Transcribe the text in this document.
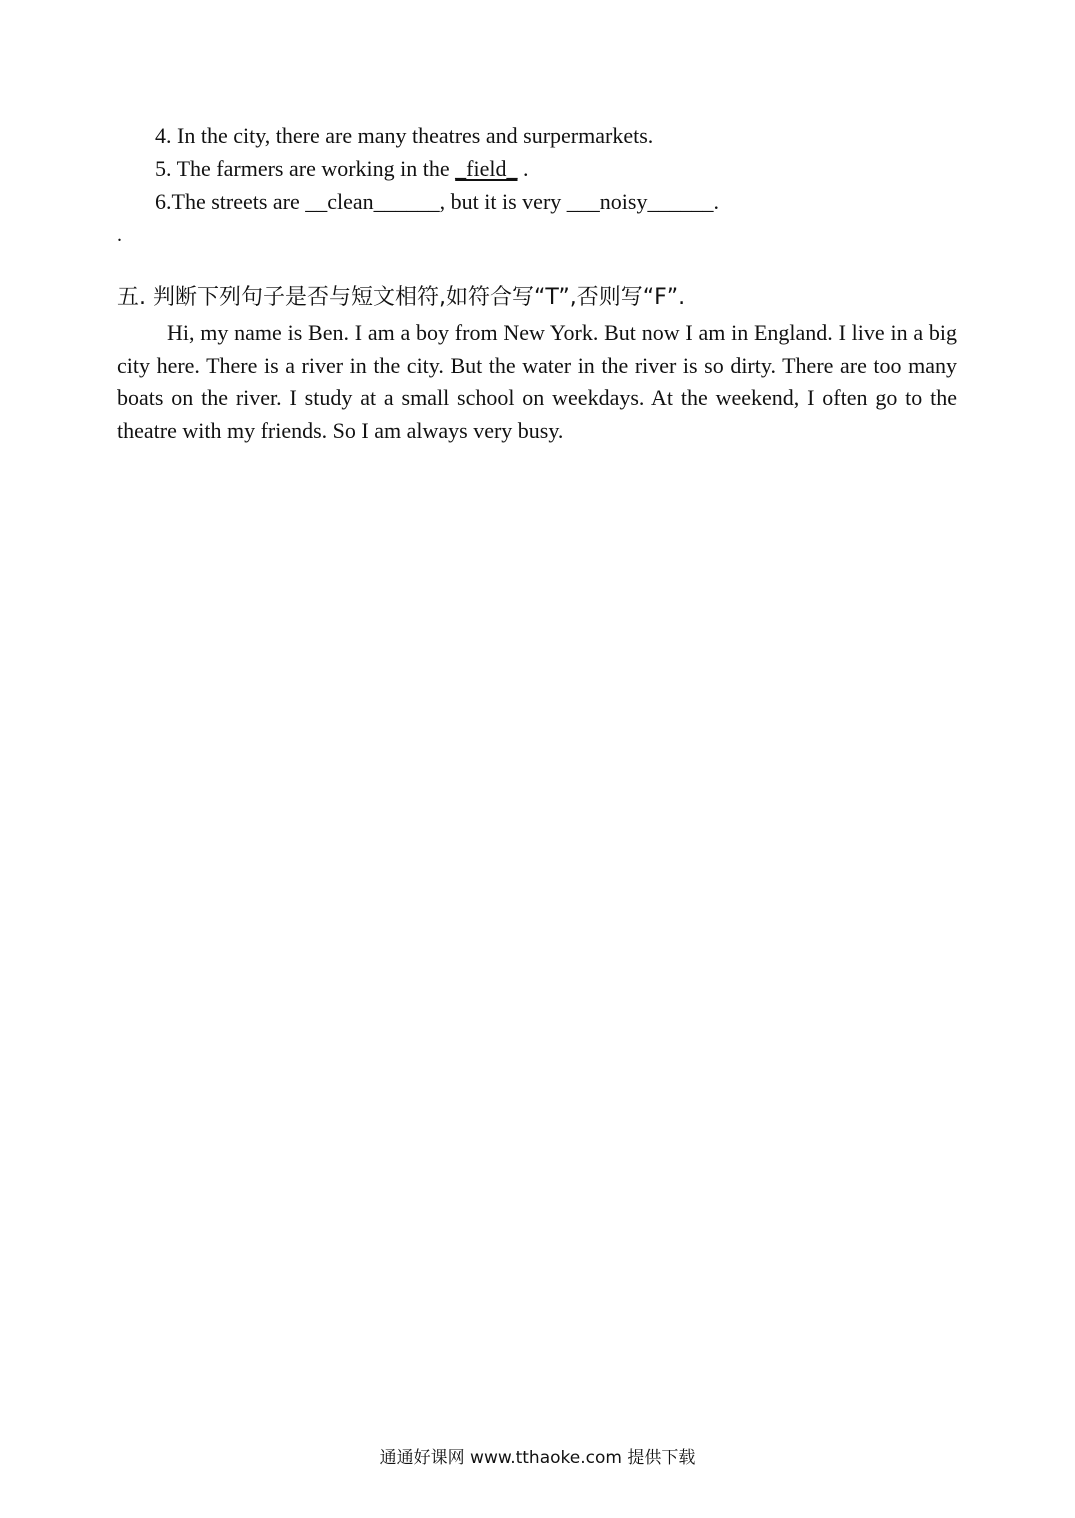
4. In the city, there are many theatres and surpermarkets.
5. The farmers are working in the _field_ .
6.The streets are __clean______, but it is very ___noisy______.
.
五. 判断下列句子是否与短文相符,如符合写“T”,否则写“F”.

Hi, my name is Ben. I am a boy from New York. But now I am in England. I live in a big city here. There is a river in the city. But the water in the river is so dirty. There are too many boats on the river. I study at a small school on weekdays. At the weekend, I often go to the theatre with my friends. So I am always very busy.

通通好课网 www.tthaoke.com 提供下载
